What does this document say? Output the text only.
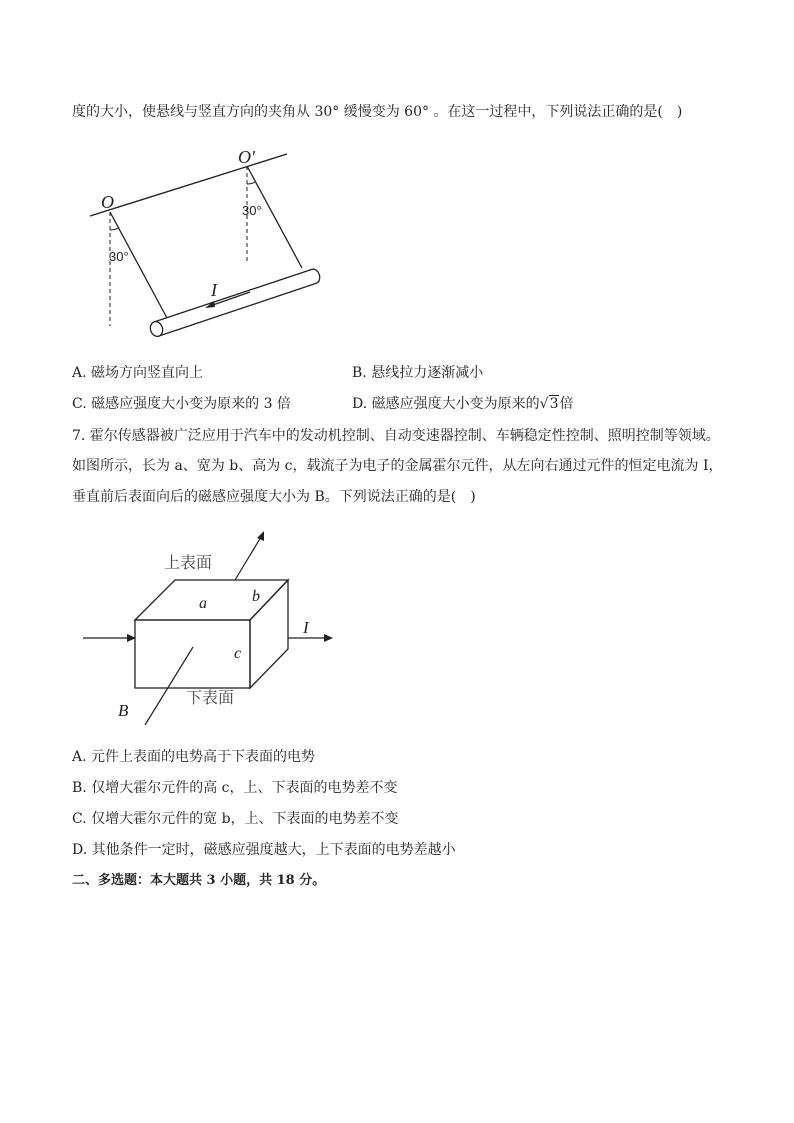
度的大小，使悬线与竖直方向的夹角从 30° 缓慢变为 60° 。在这一过程中，下列说法正确的是(　)
O
O′
30°
30°
I
A. 磁场方向竖直向上	B. 悬线拉力逐渐减小
C. 磁感应强度大小变为原来的 3 倍	D. 磁感应强度大小变为原来的√3倍
7. 霍尔传感器被广泛应用于汽车中的发动机控制、自动变速器控制、车辆稳定性控制、照明控制等领域。
如图所示，长为 a、宽为 b、高为 c，载流子为电子的金属霍尔元件，从左向右通过元件的恒定电流为 I，
垂直前后表面向后的磁感应强度大小为 B。下列说法正确的是(　)
上表面
下表面
a	b
c
I
B
A. 元件上表面的电势高于下表面的电势
B. 仅增大霍尔元件的高 c，上、下表面的电势差不变
C. 仅增大霍尔元件的宽 b，上、下表面的电势差不变
D. 其他条件一定时，磁感应强度越大，上下表面的电势差越小
二、多选题：本大题共 3 小题，共 18 分。
